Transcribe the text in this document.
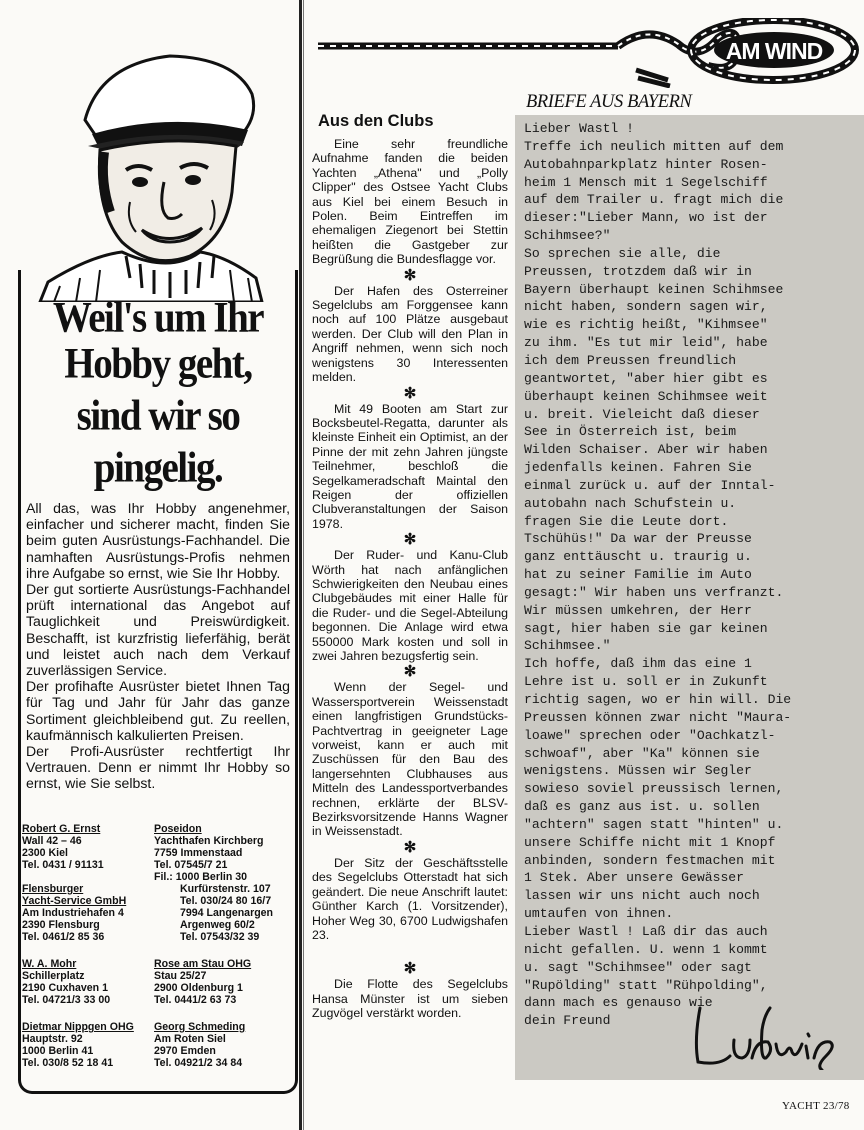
Weil's um Ihr
Hobby geht,
sind wir so
pingelig.

All das, was Ihr Hobby angenehmer, einfacher und sicherer macht, finden Sie beim guten Ausrüstungs-Fachhandel. Die namhaften Ausrüstungs-Profis nehmen ihre Aufgabe so ernst, wie Sie Ihr Hobby.

Der gut sortierte Ausrüstungs-Fachhandel prüft international das Angebot auf Tauglichkeit und Preiswürdigkeit. Beschafft, ist kurzfristig lieferfähig, berät und leistet auch nach dem Verkauf zuverlässigen Service.

Der profihafte Ausrüster bietet Ihnen Tag für Tag und Jahr für Jahr das ganze Sortiment gleichbleibend gut. Zu reellen, kaufmännisch kalkulierten Preisen.

Der Profi-Ausrüster rechtfertigt Ihr Vertrauen. Denn er nimmt Ihr Hobby so ernst, wie Sie selbst.

Robert G. Ernst
Wall 42 – 46
2300 Kiel
Tel. 0431 / 91131
Poseidon
Yachthafen Kirchberg
7759 Immenstaad
Tel. 07545/7 21
Fil.: 1000 Berlin 30
Kurfürstenstr. 107
Tel. 030/24 80 16/7
Flensburger
Yacht-Service GmbH
Am Industriehafen 4
2390 Flensburg
Tel. 0461/2 85 36
7994 Langenargen
Argenweg 60/2
Tel. 07543/32 39
W. A. Mohr
Schillerplatz
2190 Cuxhaven 1
Tel. 04721/3 33 00
Rose am Stau OHG
Stau 25/27
2900 Oldenburg 1
Tel. 0441/2 63 73
Dietmar Nippgen OHG
Hauptstr. 92
1000 Berlin 41
Tel. 030/8 52 18 41
Georg Schmeding
Am Roten Siel
2970 Emden
Tel. 04921/2 34 84
Aus den Clubs

Eine sehr freundliche Aufnahme fanden die beiden Yachten „Athena" und „Polly Clipper" des Ostsee Yacht Clubs aus Kiel bei einem Besuch in Polen. Beim Eintreffen im ehemaligen Ziegenort bei Stettin heißten die Gastgeber zur Begrüßung die Bundesflagge vor.

✻

Der Hafen des Osterreiner Segelclubs am Forggensee kann noch auf 100 Plätze ausgebaut werden. Der Club will den Plan in Angriff nehmen, wenn sich noch wenigstens 30 Interessenten melden.

✻

Mit 49 Booten am Start zur Bocksbeutel-Regatta, darunter als kleinste Einheit ein Optimist, an der Pinne der mit zehn Jahren jüngste Teilnehmer, beschloß die Segelkameradschaft Maintal den Reigen der offiziellen Clubveranstaltungen der Saison 1978.

✻

Der Ruder- und Kanu-Club Wörth hat nach anfänglichen Schwierigkeiten den Neubau eines Clubgebäudes mit einer Halle für die Ruder- und die Segel-Abteilung begonnen. Die Anlage wird etwa 550000 Mark kosten und soll in zwei Jahren bezugsfertig sein.

✻

Wenn der Segel- und Wassersportverein Weissenstadt einen langfristigen Grundstücks-Pachtvertrag in geeigneter Lage vorweist, kann er auch mit Zuschüssen für den Bau des langersehnten Clubhauses aus Mitteln des Landessportverbandes rechnen, erklärte der BLSV-Bezirksvorsitzende Hanns Wagner in Weissenstadt.

✻

Der Sitz der Geschäftsstelle des Segelclubs Otterstadt hat sich geändert. Die neue Anschrift lautet: Günther Karch (1. Vorsitzender), Hoher Weg 30, 6700 Ludwigshafen 23.

✻

Die Flotte des Segelclubs Hansa Münster ist um sieben Zugvögel verstärkt worden.

AM WIND
BRIEFE AUS BAYERN
Lieber Wastl !
Treffe ich neulich mitten auf dem
Autobahnparkplatz hinter Rosen-
heim 1 Mensch mit 1 Segelschiff
auf dem Trailer u. fragt mich die
dieser:"Lieber Mann, wo ist der
Schihmsee?"
So sprechen sie alle, die
Preussen, trotzdem daß wir in
Bayern überhaupt keinen Schihmsee
nicht haben, sondern sagen wir,
wie es richtig heißt, "Kihmsee"
zu ihm. "Es tut mir leid", habe
ich dem Preussen freundlich
geantwortet, "aber hier gibt es
überhaupt keinen Schihmsee weit
u. breit. Vieleicht daß dieser
See in Österreich ist, beim
Wilden Schaiser. Aber wir haben
jedenfalls keinen. Fahren Sie
einmal zurück u. auf der Inntal-
autobahn nach Schufstein u.
fragen Sie die Leute dort.
Tschühüs!" Da war der Preusse
ganz enttäuscht u. traurig u.
hat zu seiner Familie im Auto
gesagt:" Wir haben uns verfranzt.
Wir müssen umkehren, der Herr
sagt, hier haben sie gar keinen
Schihmsee."
Ich hoffe, daß ihm das eine 1
Lehre ist u. soll er in Zukunft
richtig sagen, wo er hin will. Die
Preussen können zwar nicht "Maura-
loawe" sprechen oder "Oachkatzl-
schwoaf", aber "Ka" können sie
wenigstens. Müssen wir Segler
sowieso soviel preussisch lernen,
daß es ganz aus ist. u. sollen
"achtern" sagen statt "hinten" u.
unsere Schiffe nicht mit 1 Knopf
anbinden, sondern festmachen mit
1 Stek. Aber unsere Gewässer
lassen wir uns nicht auch noch
umtaufen von ihnen.
Lieber Wastl ! Laß dir das auch
nicht gefallen. U. wenn 1 kommt
u. sagt "Schihmsee" oder sagt
"Rupölding" statt "Rühpolding",
dann mach es genauso wie
dein Freund
YACHT 23/78
